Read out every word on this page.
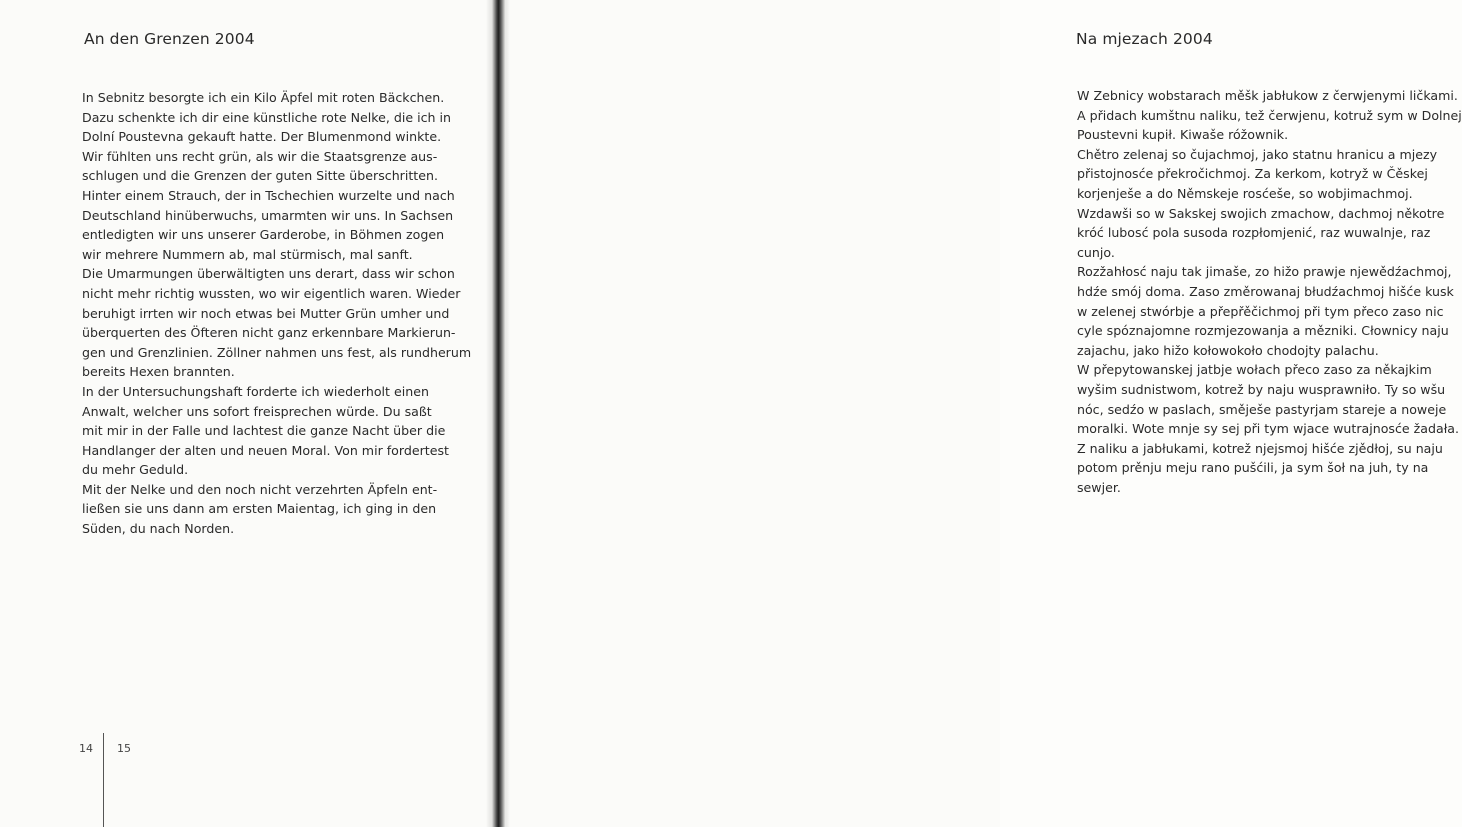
An den Grenzen 2004
In Sebnitz besorgte ich ein Kilo Äpfel mit roten Bäckchen.
Dazu schenkte ich dir eine künstliche rote Nelke, die ich in
Dolní Poustevna gekauft hatte. Der Blumenmond winkte.
Wir fühlten uns recht grün, als wir die Staatsgrenze aus-
schlugen und die Grenzen der guten Sitte überschritten.
Hinter einem Strauch, der in Tschechien wurzelte und nach
Deutschland hinüberwuchs, umarmten wir uns. In Sachsen
entledigten wir uns unserer Garderobe, in Böhmen zogen
wir mehrere Nummern ab, mal stürmisch, mal sanft.
Die Umarmungen überwältigten uns derart, dass wir schon
nicht mehr richtig wussten, wo wir eigentlich waren. Wieder
beruhigt irrten wir noch etwas bei Mutter Grün umher und
überquerten des Öfteren nicht ganz erkennbare Markierun-
gen und Grenzlinien. Zöllner nahmen uns fest, als rundherum
bereits Hexen brannten.
In der Untersuchungshaft forderte ich wiederholt einen
Anwalt, welcher uns sofort freisprechen würde. Du saßt
mit mir in der Falle und lachtest die ganze Nacht über die
Handlanger der alten und neuen Moral. Von mir fordertest
du mehr Geduld.
Mit der Nelke und den noch nicht verzehrten Äpfeln ent-
ließen sie uns dann am ersten Maientag, ich ging in den
Süden, du nach Norden.
Na mjezach 2004
W Zebnicy wobstarach měšk jabłukow z čerwjenymi ličkami.
A přidach kumštnu naliku, tež čerwjenu, kotruž sym w Dolnej
Poustevni kupił. Kiwaše róžownik.
Chětro zelenaj so čujachmoj, jako statnu hranicu a mjezy
přistojnosće překročichmoj. Za kerkom, kotryž w Čěskej
korjenješe a do Němskeje rosćeše, so wobjimachmoj.
Wzdawši so w Sakskej swojich zmachow, dachmoj někotre
króć lubosć pola susoda rozpłomjenić, raz wuwalnje, raz
cunjo.
Rozžahłosć naju tak jimaše, zo hižo prawje njewědźachmoj,
hdźe smój doma. Zaso změrowanaj błudźachmoj hišće kusk
w zelenej stwórbje a přepřěčichmoj při tym přeco zaso nic
cyle spóznajomne rozmjezowanja a mězniki. Cłownicy naju
zajachu, jako hižo kołowokoło chodojty palachu.
W přepytowanskej jatbje wołach přeco zaso za někajkim
wyšim sudnistwom, kotrež by naju wusprawniło. Ty so wšu
nóc, sedźo w paslach, směješe pastyrjam stareje a noweje
moralki. Wote mnje sy sej při tym wjace wutrajnosće žadała.
Z naliku a jabłukami, kotrež njejsmoj hišće zjědłoj, su naju
potom prěnju meju rano pušćili, ja sym šoł na juh, ty na
sewjer.
14 15
